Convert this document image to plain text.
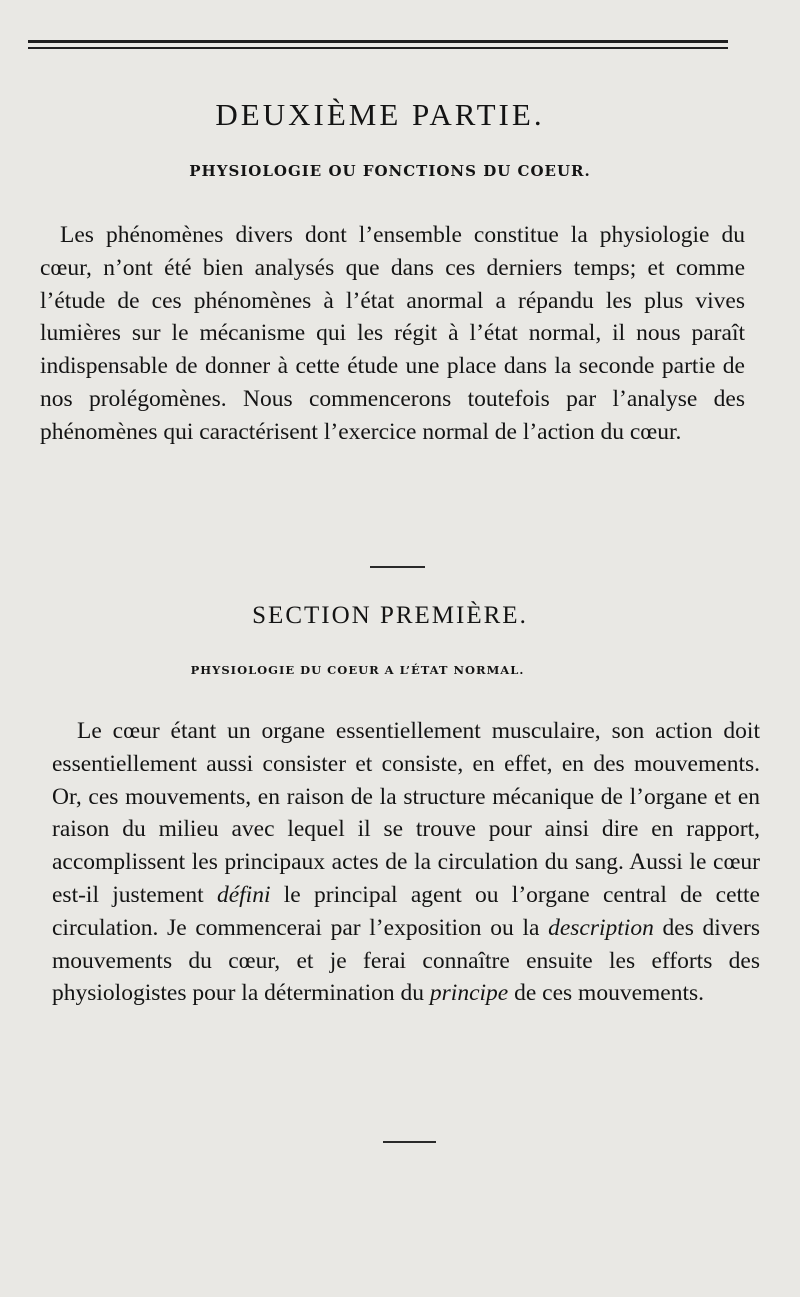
DEUXIÈME PARTIE.
PHYSIOLOGIE OU FONCTIONS DU COEUR.

Les phénomènes divers dont l’ensemble constitue la physiologie du cœur, n’ont été bien analysés que dans ces derniers temps; et comme l’étude de ces phénomènes à l’état anormal a répandu les plus vives lumières sur le mécanisme qui les régit à l’état normal, il nous paraît indispensable de donner à cette étude une place dans la seconde partie de nos prolégomènes. Nous commencerons toutefois par l’analyse des phénomènes qui caractérisent l’exercice normal de l’action du cœur.

SECTION PREMIÈRE.
PHYSIOLOGIE DU COEUR A L’ÉTAT NORMAL.

Le cœur étant un organe essentiellement musculaire, son action doit essentiellement aussi consister et consiste, en effet, en des mouvements. Or, ces mouvements, en raison de la structure mécanique de l’organe et en raison du milieu avec lequel il se trouve pour ainsi dire en rapport, accomplissent les principaux actes de la circulation du sang. Aussi le cœur est-il justement défini le principal agent ou l’organe central de cette circulation. Je commencerai par l’exposition ou la description des divers mouvements du cœur, et je ferai connaître ensuite les efforts des physiologistes pour la détermination du principe de ces mouvements.
